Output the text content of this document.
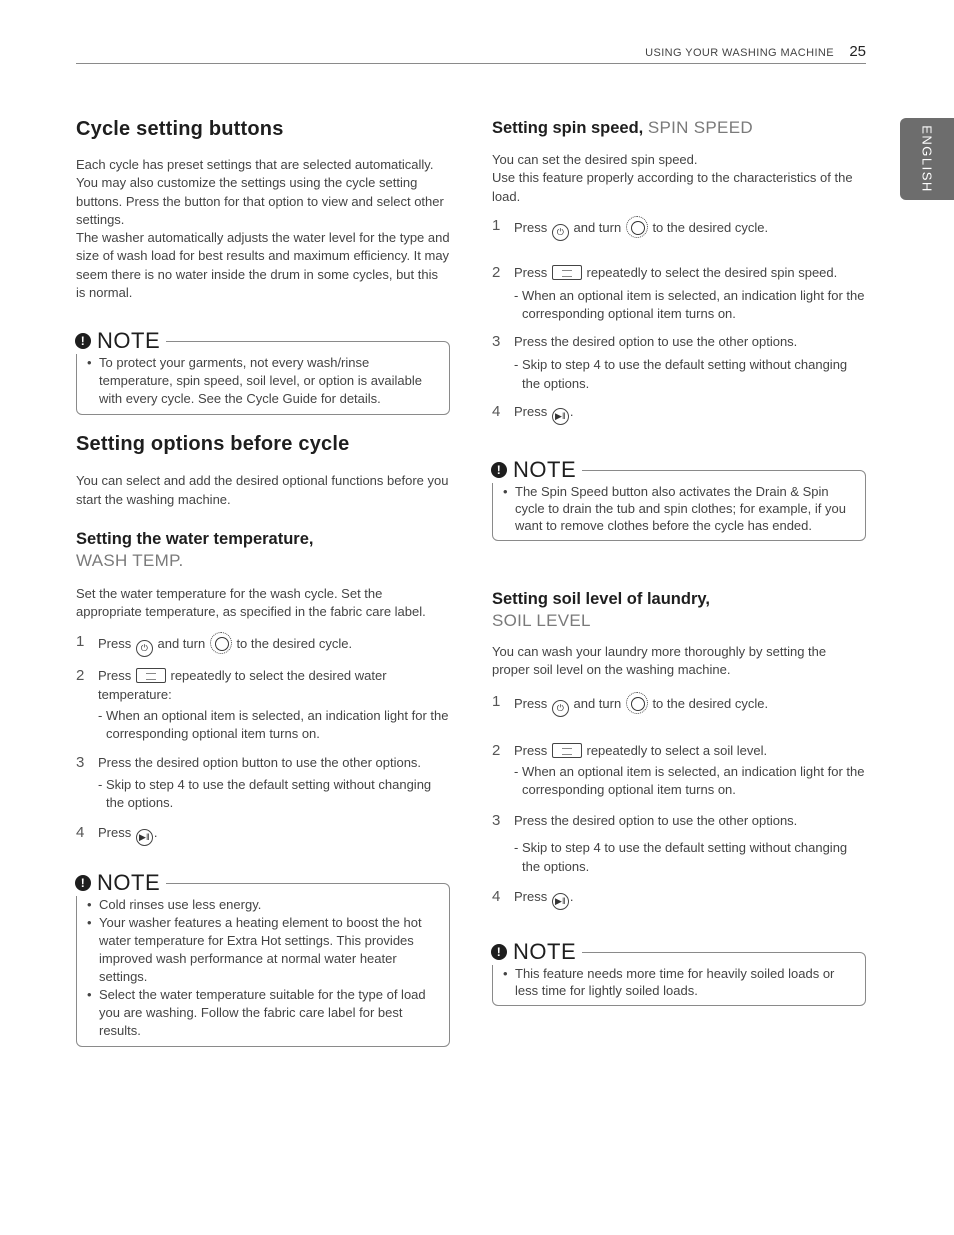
USING YOUR WASHING MACHINE 25
ENGLISH
Cycle setting buttons

Each cycle has preset settings that are selected automatically. You may also customize the settings using the cycle setting buttons. Press the button for that option to view and select other settings.

The washer automatically adjusts the water level for the type and size of wash load for best results and maximum efficiency. It may seem there is no water inside the drum in some cycles, but this is normal.

! NOTE
• To protect your garments, not every wash/rinse temperature, spin speed, soil level, or option is available with every cycle. See the Cycle Guide for details.
Setting options before cycle

You can select and add the desired optional functions before you start the washing machine.

Setting the water temperature,
WASH TEMP.

Set the water temperature for the wash cycle. Set the appropriate temperature, as specified in the fabric care label.

1	Press ⏻ and turn to the desired cycle.
2	Press	repeatedly to select the desired water temperature:
- When an optional item is selected, an indication light for the corresponding optional item turns on.
3	Press the desired option button to use the other options.
- Skip to step 4 to use the default setting without changing the options.
4	Press ▶‖ .
! NOTE
• Cold rinses use less energy.
• Your washer features a heating element to boost the hot water temperature for Extra Hot settings. This provides improved wash performance at normal water heater settings.
• Select the water temperature suitable for the type of load you are washing. Follow the fabric care label for best results.
Setting spin speed, SPIN SPEED

You can set the desired spin speed.

Use this feature properly according to the characteristics of the load.

1	Press ⏻ and turn to the desired cycle.
2	Press	repeatedly to select the desired spin speed.
- When an optional item is selected, an indication light for the corresponding optional item turns on.
3	Press the desired option to use the other options.
- Skip to step 4 to use the default setting without changing the options.
4	Press ▶‖ .
! NOTE
• The Spin Speed button also activates the Drain & Spin cycle to drain the tub and spin clothes; for example, if you want to remove clothes before the cycle has ended.
Setting soil level of laundry,
SOIL LEVEL

You can wash your laundry more thoroughly by setting the proper soil level on the washing machine.

1	Press ⏻ and turn to the desired cycle.
2	Press	repeatedly to select a soil level.
- When an optional item is selected, an indication light for the corresponding optional item turns on.
3	Press the desired option to use the other options.
- Skip to step 4 to use the default setting without changing the options.
4	Press ▶‖ .
! NOTE
• This feature needs more time for heavily soiled loads or less time for lightly soiled loads.
